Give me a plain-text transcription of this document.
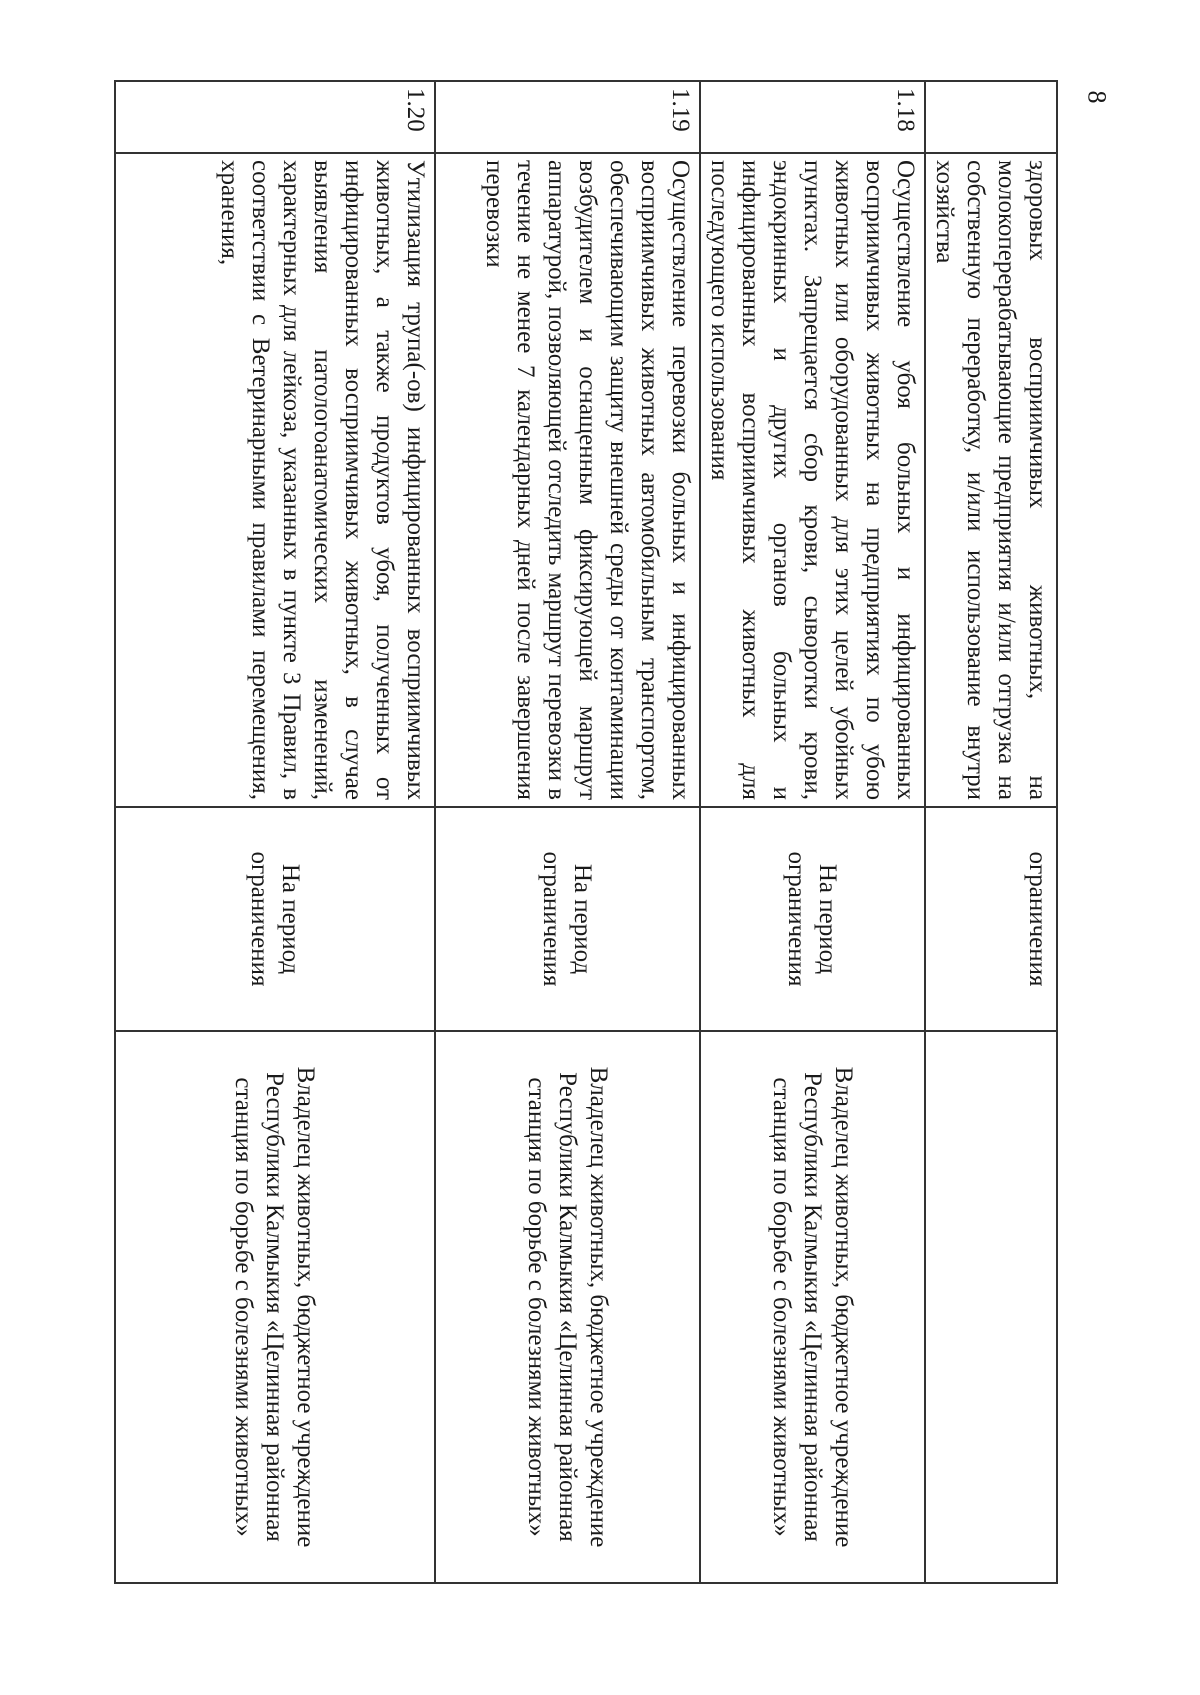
8
	здоровых восприимчивых животных, на молокоперерабатывающие предприятия и/или отгрузка на собственную переработку, и/или использование внутри хозяйства	ограничения	
1.18	Осуществление убоя больных и инфицированных восприимчивых животных на предприятиях по убою животных или оборудованных для этих целей убойных пунктах. Запрещается сбор крови, сыворотки крови, эндокринных и других органов больных и инфицированных восприимчивых животных для последующего использования	На период ограничения	Владелец животных, бюджетное учреждение Республики Калмыкия «Целинная районная станция по борьбе с болезнями животных»
1.19	Осуществление перевозки больных и инфицированных восприимчивых животных автомобильным транспортом, обеспечивающим защиту внешней среды от контаминации возбудителем и оснащенным фиксирующей маршрут аппаратурой, позволяющей отследить маршрут перевозки в течение не менее 7 календарных дней после завершения перевозки	На период ограничения	Владелец животных, бюджетное учреждение Республики Калмыкия «Целинная районная станция по борьбе с болезнями животных»
1.20	Утилизация трупа(-ов) инфицированных восприимчивых животных, а также продуктов убоя, полученных от инфицированных восприимчивых животных, в случае выявления патологоанатомических изменений, характерных для лейкоза, указанных в пункте 3 Правил, в соответствии с Ветеринарными правилами перемещения, хранения,	На период ограничения	Владелец животных, бюджетное учреждение Республики Калмыкия «Целинная районная станция по борьбе с болезнями животных»
